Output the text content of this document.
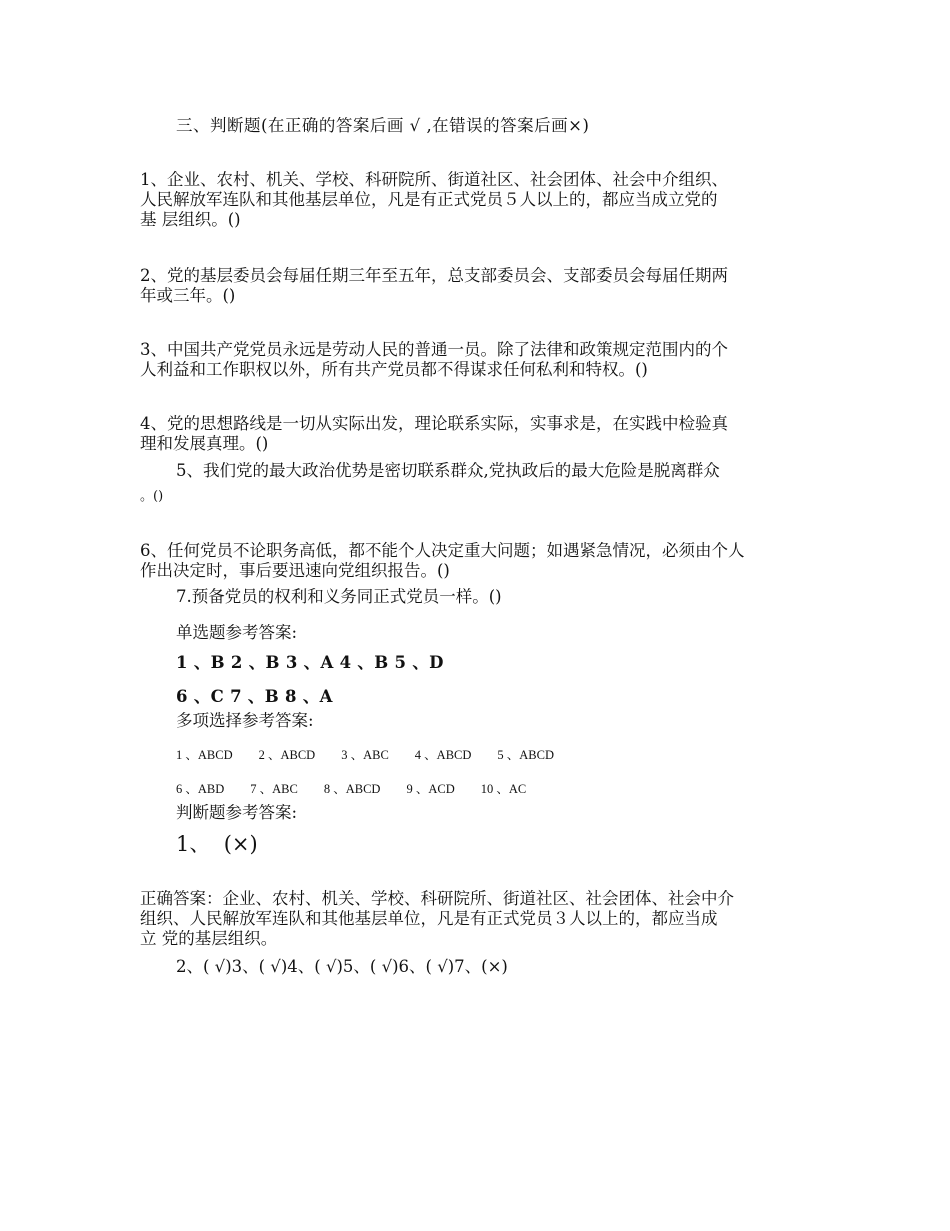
三、判断题(在正确的答案后画 √ ,在错误的答案后画×)
1、企业、农村、机关、学校、科研院所、街道社区、社会团体、社会中介组织、
人民解放军连队和其他基层单位，凡是有正式党员５人以上的，都应当成立党的
基 层组织。()
2、党的基层委员会每届任期三年至五年，总支部委员会、支部委员会每届任期两
年或三年。()
3、中国共产党党员永远是劳动人民的普通一员。除了法律和政策规定范围内的个
人利益和工作职权以外，所有共产党员都不得谋求任何私利和特权。()
4、党的思想路线是一切从实际出发，理论联系实际，实事求是，在实践中检验真
理和发展真理。()
5、我们党的最大政治优势是密切联系群众,党执政后的最大危险是脱离群众
。()
6、任何党员不论职务高低，都不能个人决定重大问题；如遇紧急情况，必须由个人
作出决定时，事后要迅速向党组织报告。()
7.预备党员的权利和义务同正式党员一样。()
单选题参考答案:
1 、B 2 、B 3 、A 4 、B 5 、D
6 、C 7 、B 8 、A
多项选择参考答案:
1 、ABCD 2 、ABCD 3 、ABC 4 、ABCD 5 、ABCD
6 、ABD 7 、ABC 8 、ABCD 9 、ACD 10 、AC
判断题参考答案:
1、  (×)
正确答案：企业、农村、机关、学校、科研院所、街道社区、社会团体、社会中介
组织、人民解放军连队和其他基层单位，凡是有正式党员３人以上的，都应当成
立 党的基层组织。
2、( √)3、( √)4、( √)5、( √)6、( √)7、(×)
